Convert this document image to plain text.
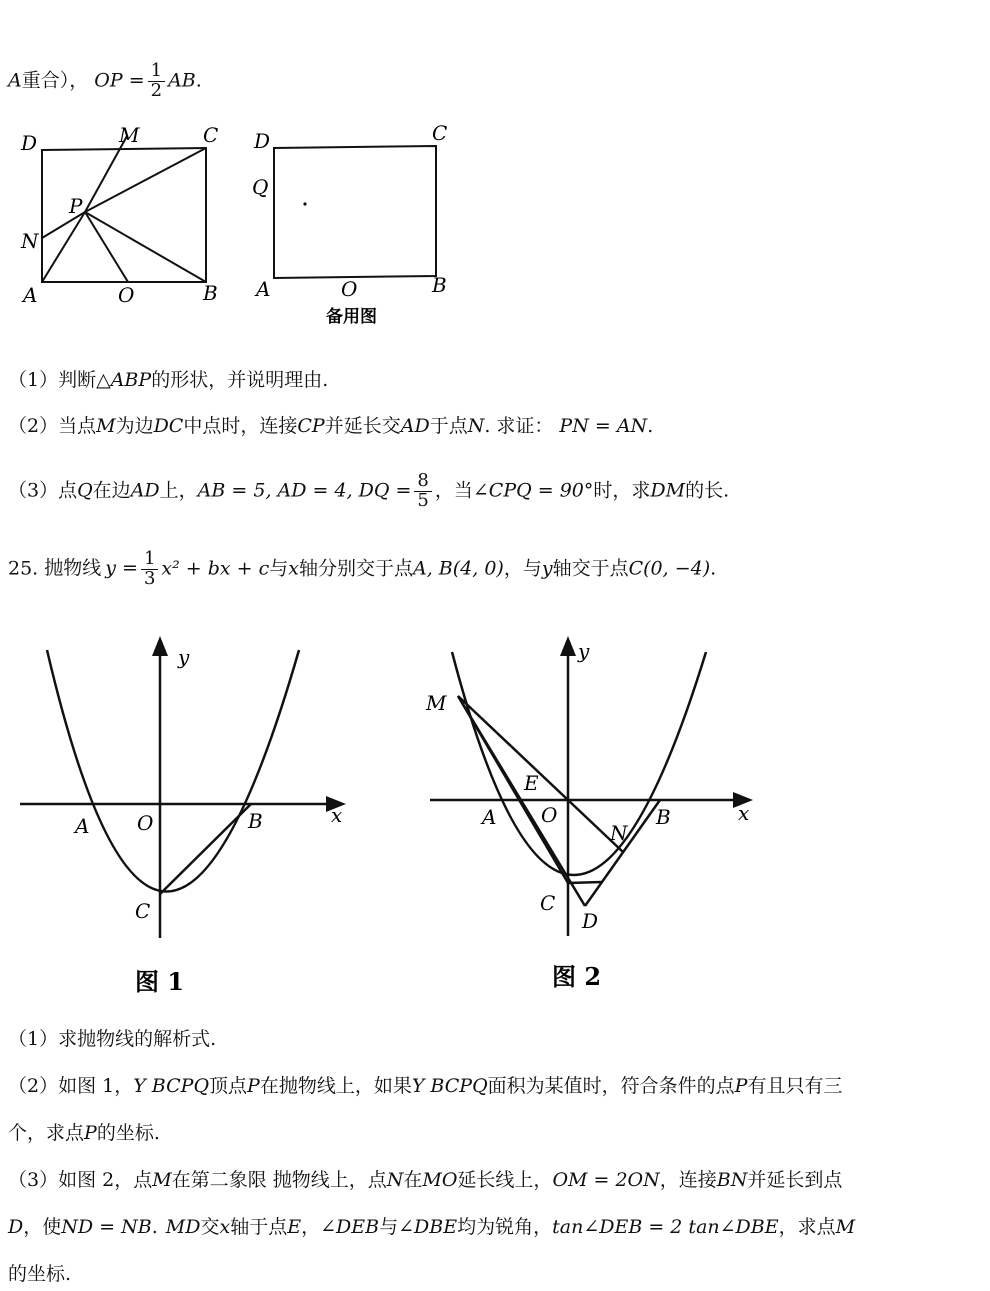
A重合）， OP = $\frac{1}{2}$ AB.
D	M	C
P
N
A	O	B
D	C
Q
A	O	B
备用图
（1）判断△ABP的形状，并说明理由.
（2）当点M为边DC中点时，连接CP并延长交AD于点N. 求证： PN = AN.
（3）点Q在边AD上，AB = 5, AD = 4, DQ = $\frac{8}{5}$ ，当∠CPQ = 90°时，求DM的长.
25. 抛物线 $y = \frac{1}{3} x^2$ + bx + c与x轴分别交于点A, B(4, 0)，与y轴交于点C(0, −4).
y
x
A O	B
C
图 1
y
x
M
E
A O
N
B
C
D
图 2
（1）求抛物线的解析式.
（2）如图 1，Y BCPQ顶点P在抛物线上，如果Y BCPQ面积为某值时，符合条件的点P有且只有三
个，求点P的坐标.
（3）如图 2，点M在第二象限 抛物线上，点N在MO延长线上，OM = 2ON，连接BN并延长到点
D，使ND = NB. MD交x轴于点E，∠DEB与∠DBE均为锐角，tan∠DEB = 2 tan∠DBE，求点M
的坐标.
